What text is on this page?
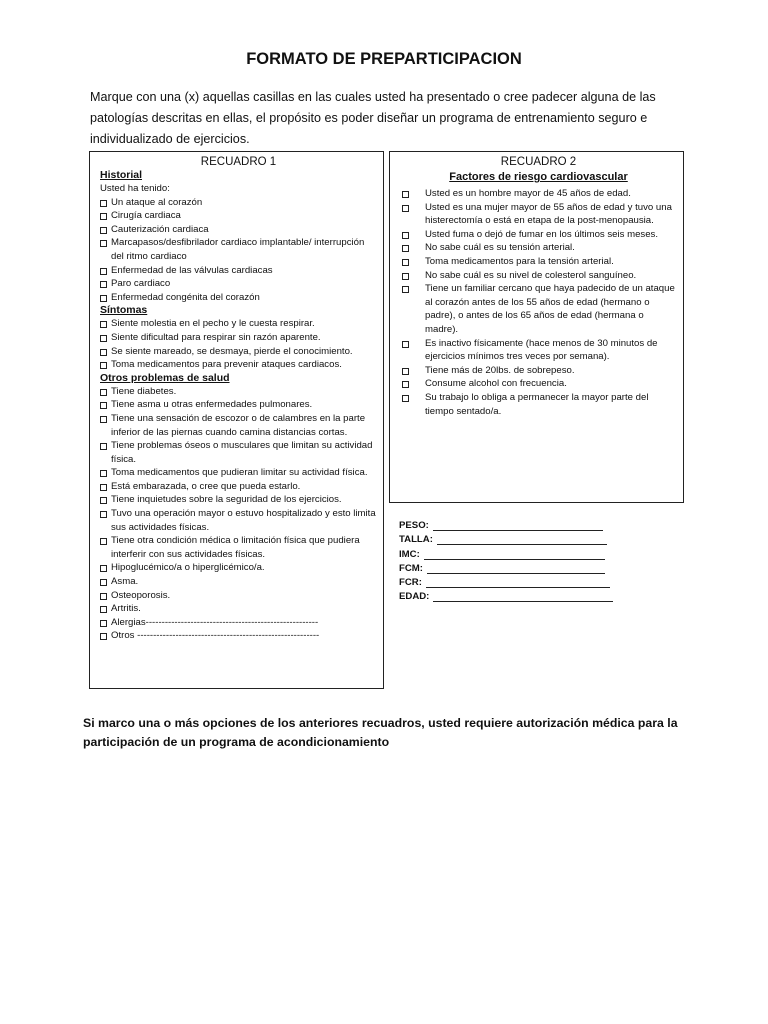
FORMATO DE PREPARTICIPACION
Marque con una (x) aquellas casillas en las cuales usted ha presentado o cree padecer alguna de las patologías descritas en ellas, el propósito es poder diseñar un programa de entrenamiento seguro e individualizado de ejercicios.
RECUADRO 1
Historial
Usted ha tenido:
Un ataque al corazón
Cirugía cardiaca
Cauterización cardiaca
Marcapasos/desfibrilador cardiaco implantable/ interrupción del ritmo cardiaco
Enfermedad de las válvulas cardiacas
Paro cardiaco
Enfermedad congénita del corazón
Síntomas
Siente molestia en el pecho y le cuesta respirar.
Siente dificultad para respirar sin razón aparente.
Se siente mareado, se desmaya, pierde el conocimiento.
Toma medicamentos para prevenir ataques cardiacos.
Otros problemas de salud
Tiene diabetes.
Tiene asma u otras enfermedades pulmonares.
Tiene una sensación de escozor o de calambres en la parte inferior de las piernas cuando camina distancias cortas.
Tiene problemas óseos o musculares que limitan su actividad física.
Toma medicamentos que pudieran limitar su actividad física.
Está embarazada, o cree que pueda estarlo.
Tiene inquietudes sobre la seguridad de los ejercicios.
Tuvo una operación mayor o estuvo hospitalizado y esto limita sus actividades físicas.
Tiene otra condición médica o limitación física que pudiera interferir con sus actividades físicas.
Hipoglucémico/a o hiperglicémico/a.
Asma.
Osteoporosis.
Artritis.
Alergias------------------------------------------------------
Otros ---------------------------------------------------------
RECUADRO 2
Factores de riesgo cardiovascular
Usted es un hombre mayor de 45 años de edad.
Usted es una mujer mayor de 55 años de edad y tuvo una histerectomía o está en etapa de la post-menopausia.
Usted fuma o dejó de fumar en los últimos seis meses.
No sabe cuál es su tensión arterial.
Toma medicamentos para la tensión arterial.
No sabe cuál es su nivel de colesterol sanguíneo.
Tiene un familiar cercano que haya padecido de un ataque al corazón antes de los 55 años de edad (hermano o padre), o antes de los 65 años de edad (hermana o madre).
Es inactivo físicamente (hace menos de 30 minutos de ejercicios mínimos tres veces por semana).
Tiene más de 20lbs. de sobrepeso.
Consume alcohol con frecuencia.
Su trabajo lo obliga a permanecer la mayor parte del tiempo sentado/a.
PESO:
TALLA:
IMC:
FCM:
FCR:
EDAD:
Si marco una o más opciones de los anteriores recuadros, usted requiere autorización médica para la participación de un programa de acondicionamiento
